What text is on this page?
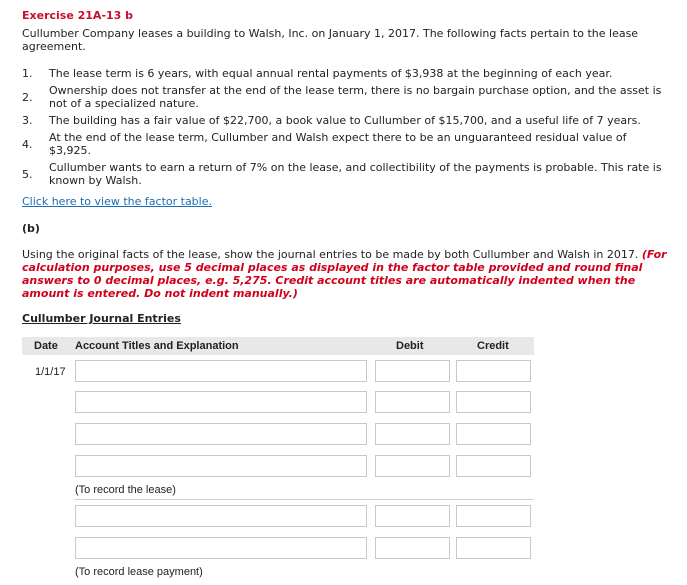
Exercise 21A-13 b
Cullumber Company leases a building to Walsh, Inc. on January 1, 2017. The following facts pertain to the lease agreement.
1.	The lease term is 6 years, with equal annual rental payments of $3,938 at the beginning of each year.
2.	Ownership does not transfer at the end of the lease term, there is no bargain purchase option, and the asset is not of a specialized nature.
3.	The building has a fair value of $22,700, a book value to Cullumber of $15,700, and a useful life of 7 years.
4.	At the end of the lease term, Cullumber and Walsh expect there to be an unguaranteed residual value of $3,925.
5.	Cullumber wants to earn a return of 7% on the lease, and collectibility of the payments is probable. This rate is known by Walsh.
Click here to view the factor table.
(b)
Using the original facts of the lease, show the journal entries to be made by both Cullumber and Walsh in 2017. (For calculation purposes, use 5 decimal places as displayed in the factor table provided and round final answers to 0 decimal places, e.g. 5,275. Credit account titles are automatically indented when the amount is entered. Do not indent manually.)
Cullumber Journal Entries
Date Account Titles and Explanation	Debit	Credit
1/1/17
(To record the lease)
(To record lease payment)
